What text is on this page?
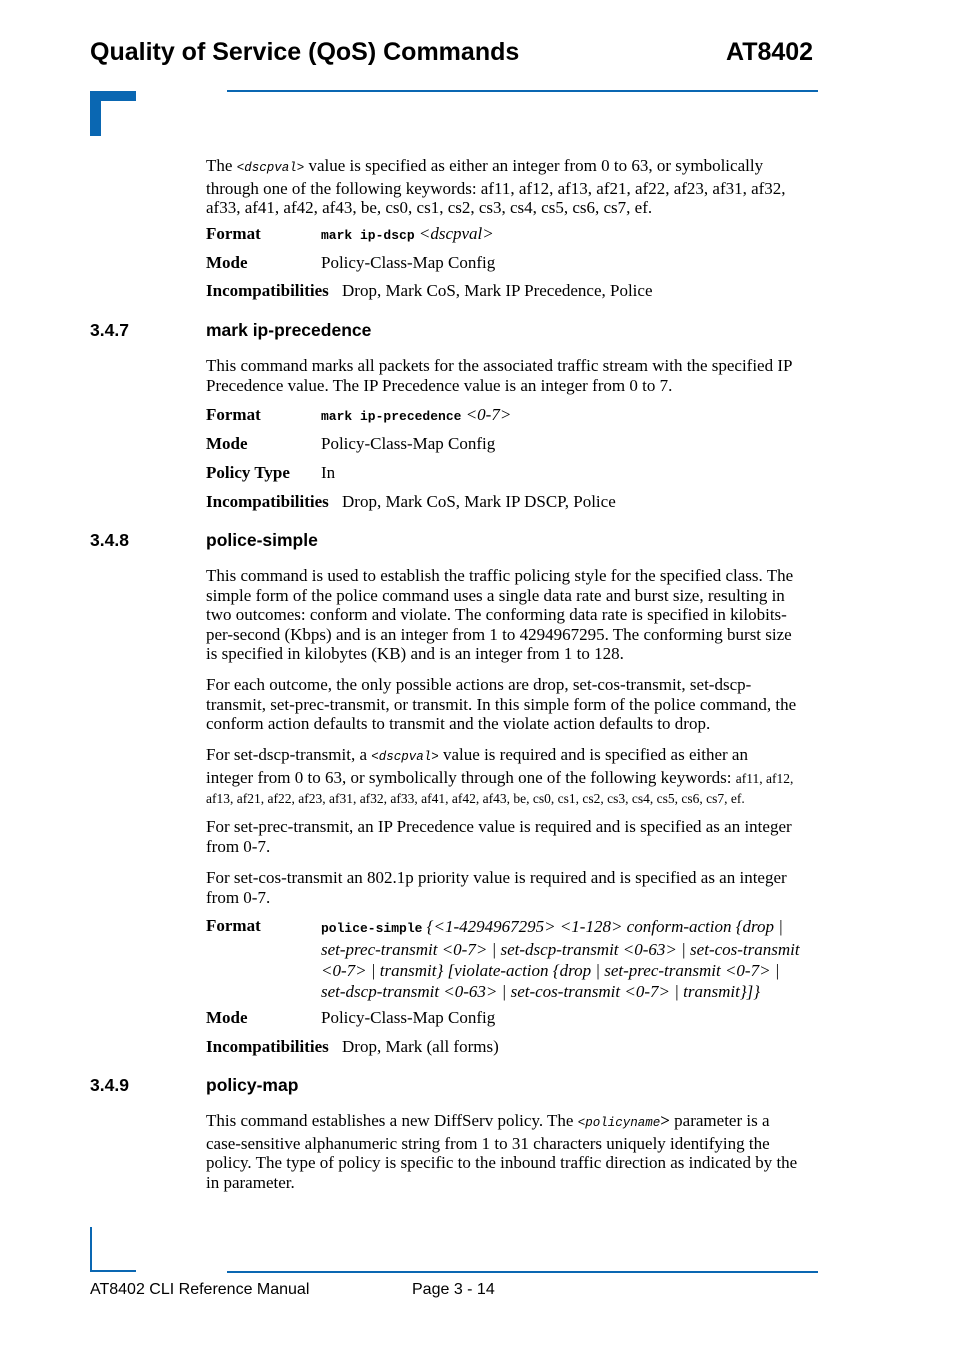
Quality of Service (QoS) Commands	AT8402
The <dscpval> value is specified as either an integer from 0 to 63, or symbolically
through one of the following keywords: af11, af12, af13, af21, af22, af23, af31, af32,
af33, af41, af42, af43, be, cs0, cs1, cs2, cs3, cs4, cs5, cs6, cs7, ef.
Format	mark ip-dscp <dscpval>
Mode	Policy-Class-Map Config
Incompatibilities Drop, Mark CoS, Mark IP Precedence, Police
3.4.7	mark ip-precedence
This command marks all packets for the associated traffic stream with the specified IP
Precedence value. The IP Precedence value is an integer from 0 to 7.
Format	mark ip-precedence <0-7>
Mode	Policy-Class-Map Config
Policy Type In
Incompatibilities Drop, Mark CoS, Mark IP DSCP, Police
3.4.8	police-simple
This command is used to establish the traffic policing style for the specified class. The
simple form of the police command uses a single data rate and burst size, resulting in
two outcomes: conform and violate. The conforming data rate is specified in kilobits-
per-second (Kbps) and is an integer from 1 to 4294967295. The conforming burst size
is specified in kilobytes (KB) and is an integer from 1 to 128.
For each outcome, the only possible actions are drop, set-cos-transmit, set-dscp-
transmit, set-prec-transmit, or transmit. In this simple form of the police command, the
conform action defaults to transmit and the violate action defaults to drop.
For set-dscp-transmit, a <dscpval> value is required and is specified as either an
integer from 0 to 63, or symbolically through one of the following keywords: af11, af12,
af13, af21, af22, af23, af31, af32, af33, af41, af42, af43, be, cs0, cs1, cs2, cs3, cs4, cs5, cs6, cs7, ef.
For set-prec-transmit, an IP Precedence value is required and is specified as an integer
from 0-7.
For set-cos-transmit an 802.1p priority value is required and is specified as an integer
from 0-7.
Format	police-simple {<1-4294967295> <1-128> conform-action {drop |
set-prec-transmit <0-7> | set-dscp-transmit <0-63> | set-cos-transmit
<0-7> | transmit} [violate-action {drop | set-prec-transmit <0-7> |
set-dscp-transmit <0-63> | set-cos-transmit <0-7> | transmit}]}
Mode	Policy-Class-Map Config
Incompatibilities Drop, Mark (all forms)
3.4.9	policy-map
This command establishes a new DiffServ policy. The <policyname> parameter is a
case-sensitive alphanumeric string from 1 to 31 characters uniquely identifying the
policy. The type of policy is specific to the inbound traffic direction as indicated by the
in parameter.
AT8402 CLI Reference Manual	Page 3 - 14
